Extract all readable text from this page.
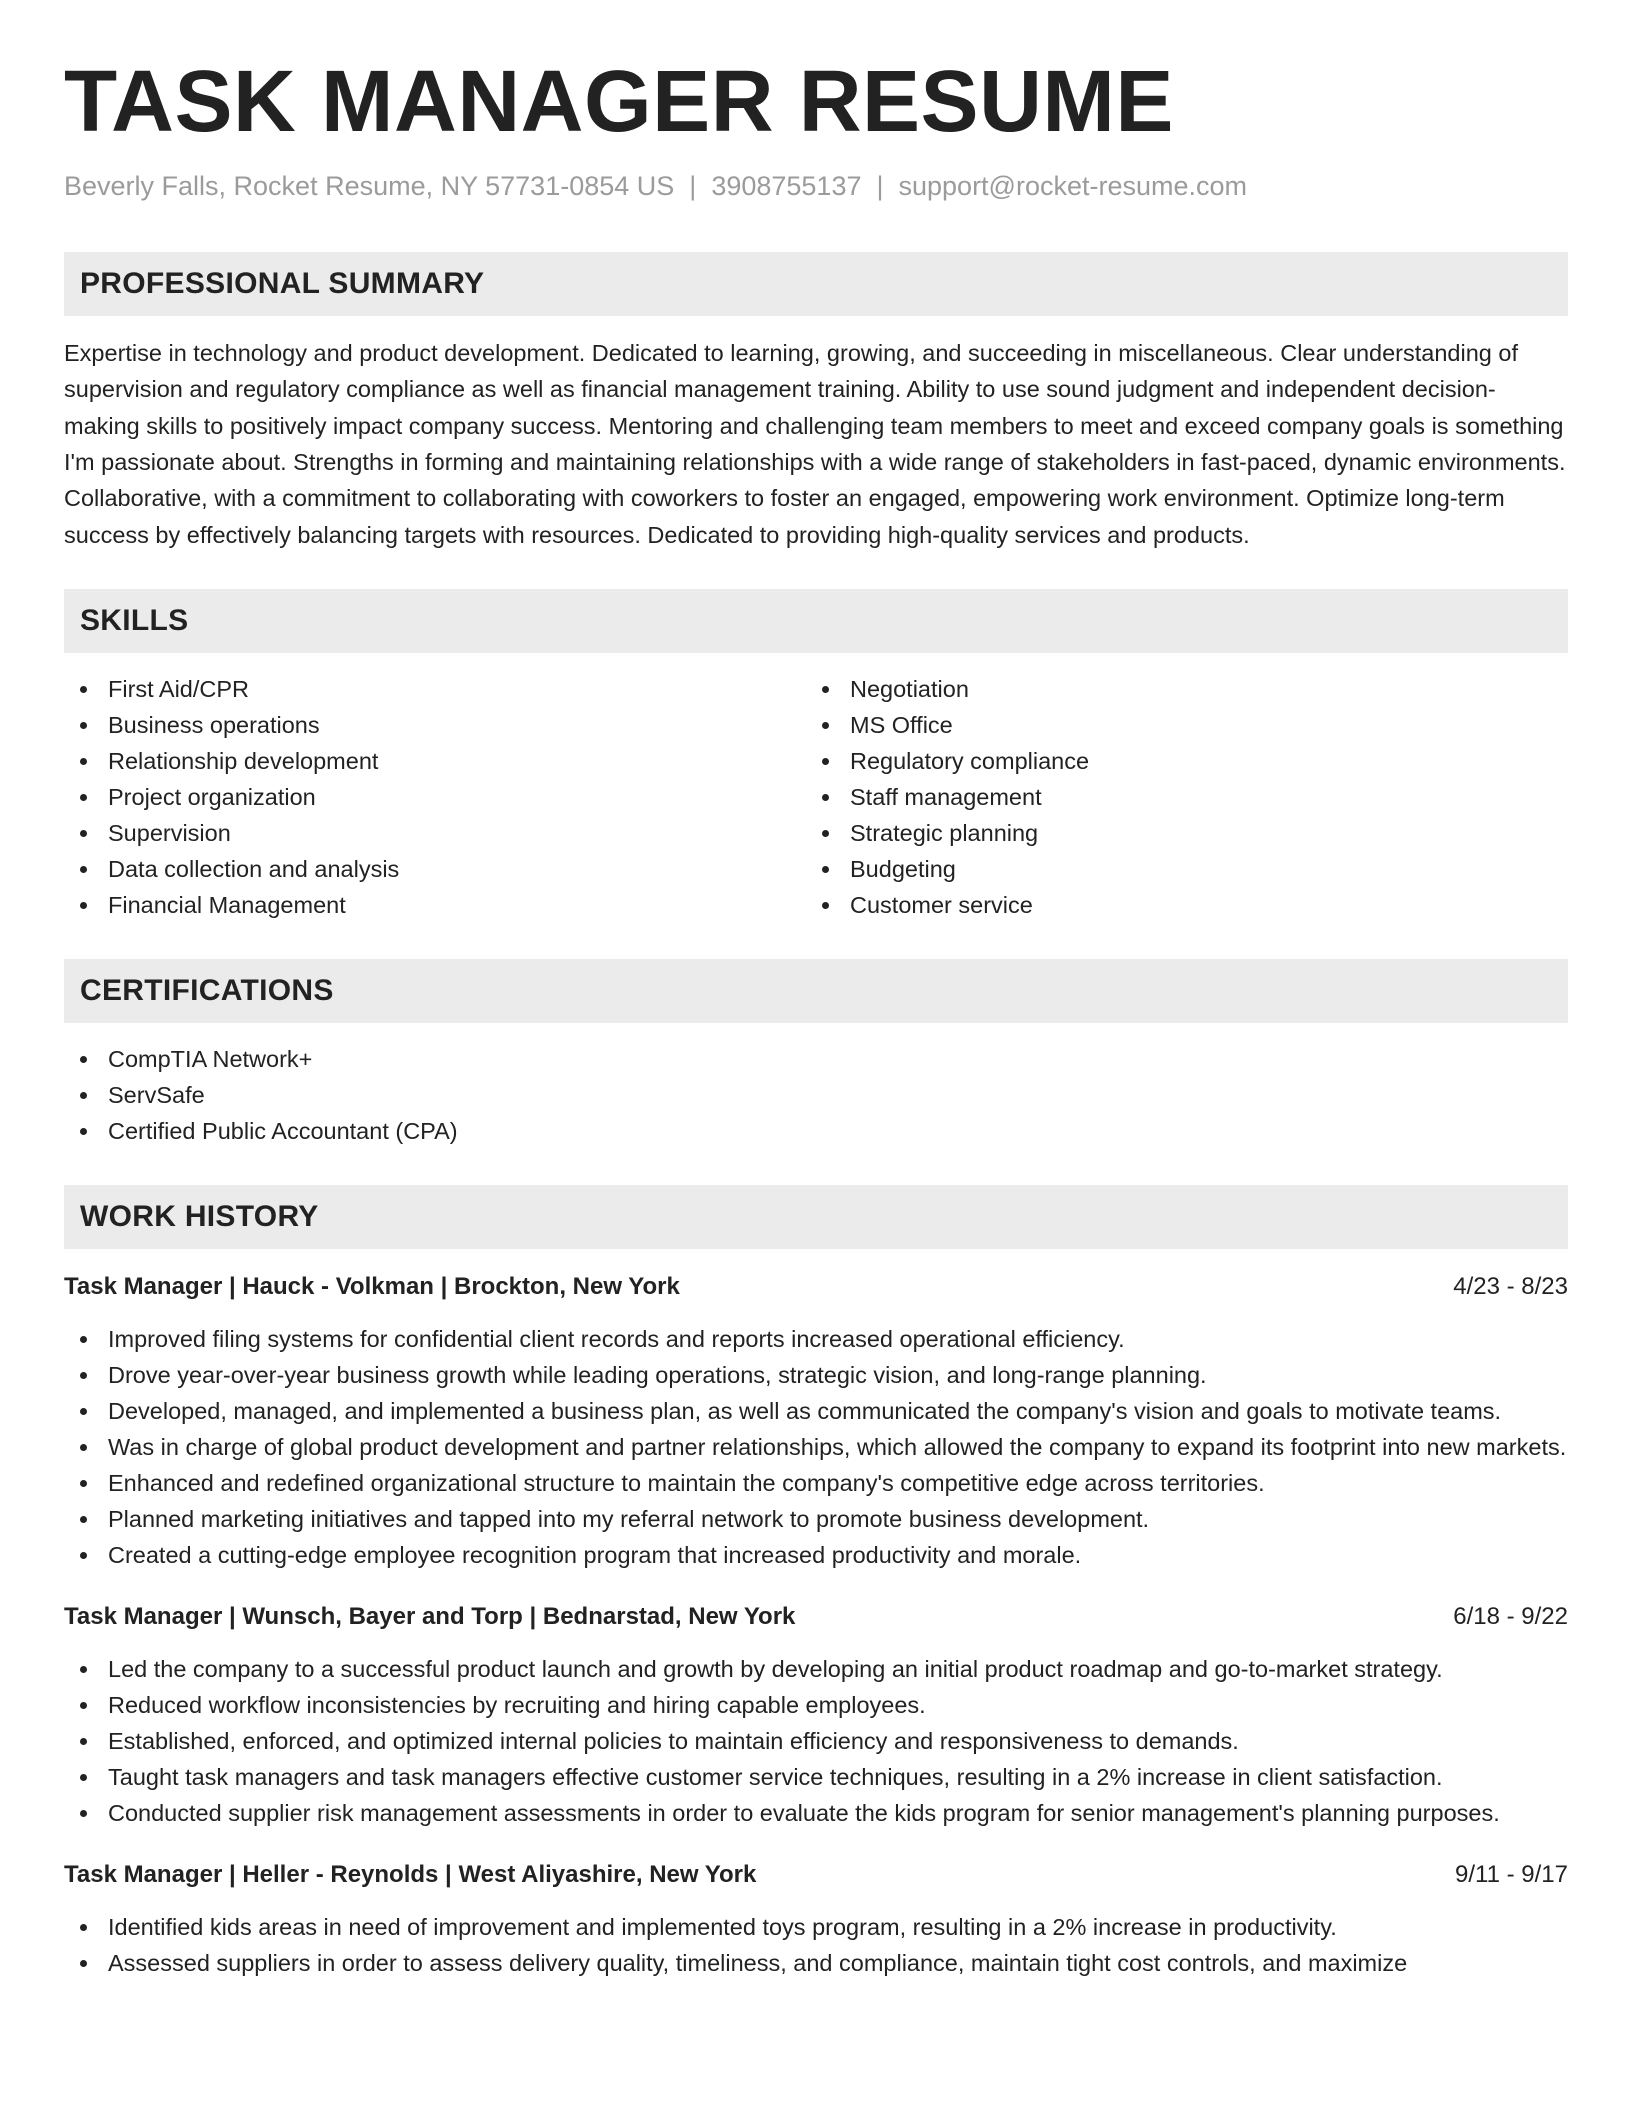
TASK MANAGER RESUME
Beverly Falls, Rocket Resume, NY 57731-0854 US | 3908755137 | support@rocket-resume.com
PROFESSIONAL SUMMARY

Expertise in technology and product development. Dedicated to learning, growing, and succeeding in miscellaneous. Clear understanding of supervision and regulatory compliance as well as financial management training. Ability to use sound judgment and independent decision-making skills to positively impact company success. Mentoring and challenging team members to meet and exceed company goals is something I'm passionate about. Strengths in forming and maintaining relationships with a wide range of stakeholders in fast-paced, dynamic environments. Collaborative, with a commitment to collaborating with coworkers to foster an engaged, empowering work environment. Optimize long-term success by effectively balancing targets with resources. Dedicated to providing high-quality services and products.

SKILLS
First Aid/CPR
Business operations
Relationship development
Project organization
Supervision
Data collection and analysis
Financial Management
Negotiation
MS Office
Regulatory compliance
Staff management
Strategic planning
Budgeting
Customer service
CERTIFICATIONS
CompTIA Network+
ServSafe
Certified Public Accountant (CPA)
WORK HISTORY
Task Manager | Hauck - Volkman | Brockton, New York	4/23 - 8/23
Improved filing systems for confidential client records and reports increased operational efficiency.
Drove year-over-year business growth while leading operations, strategic vision, and long-range planning.
Developed, managed, and implemented a business plan, as well as communicated the company's vision and goals to motivate teams.
Was in charge of global product development and partner relationships, which allowed the company to expand its footprint into new markets.
Enhanced and redefined organizational structure to maintain the company's competitive edge across territories.
Planned marketing initiatives and tapped into my referral network to promote business development.
Created a cutting-edge employee recognition program that increased productivity and morale.
Task Manager | Wunsch, Bayer and Torp | Bednarstad, New York	6/18 - 9/22
Led the company to a successful product launch and growth by developing an initial product roadmap and go-to-market strategy.
Reduced workflow inconsistencies by recruiting and hiring capable employees.
Established, enforced, and optimized internal policies to maintain efficiency and responsiveness to demands.
Taught task managers and task managers effective customer service techniques, resulting in a 2% increase in client satisfaction.
Conducted supplier risk management assessments in order to evaluate the kids program for senior management's planning purposes.
Task Manager | Heller - Reynolds | West Aliyashire, New York	9/11 - 9/17
Identified kids areas in need of improvement and implemented toys program, resulting in a 2% increase in productivity.
Assessed suppliers in order to assess delivery quality, timeliness, and compliance, maintain tight cost controls, and maximize
